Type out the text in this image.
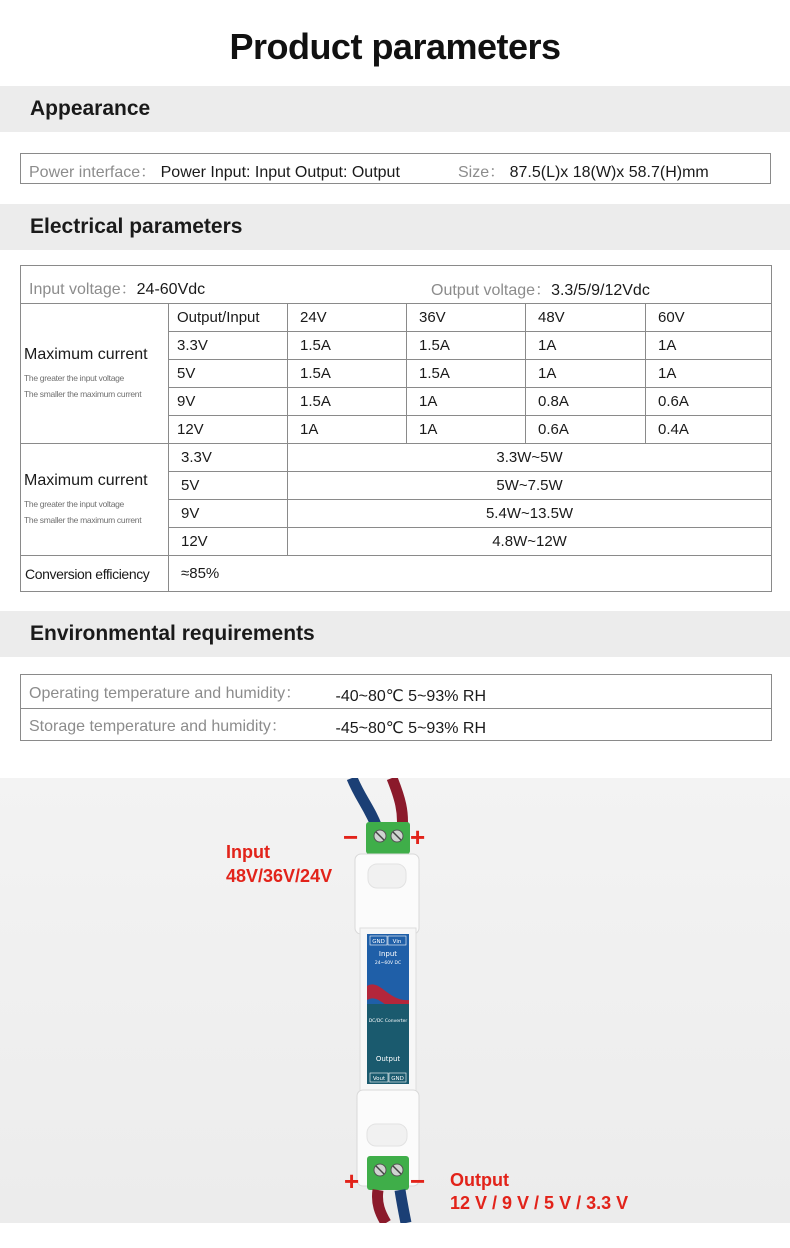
Product parameters
Appearance
Power interface： Power Input: Input Output: Output	Size： 87.5(L)x 18(W)x 58.7(H)mm
Electrical parameters
Input voltage：24-60Vdc Output voltage：3.3/5/9/12Vdc					

Maximum current
The greater the input voltage
The smaller the maximum current	Output/Input	24V	36V	48V	60V
	3.3V	1.5A	1.5A	1A	1A
	5V	1.5A	1.5A	1A	1A
	9V	1.5A	1A	0.8A	0.6A
	12V	1A	1A	0.6A	0.4A
Maximum current
The greater the input voltage
The smaller the maximum current	3.3V	3.3W~5W			
	5V	5W~7.5W			
	9V	5.4W~13.5W			
	12V	4.8W~12W			
Conversion efficiency	≈85%				
Environmental requirements
Operating temperature and humidity：	-40~80℃ 5~93% RH
Storage temperature and humidity：	-45~80℃ 5~93% RH
GND Vin
Input
24~60V DC
DC/DC Converter
Output
Vout GND
− +
+ −
Input
48V/36V/24V
Output
12 V / 9 V / 5 V / 3.3 V
